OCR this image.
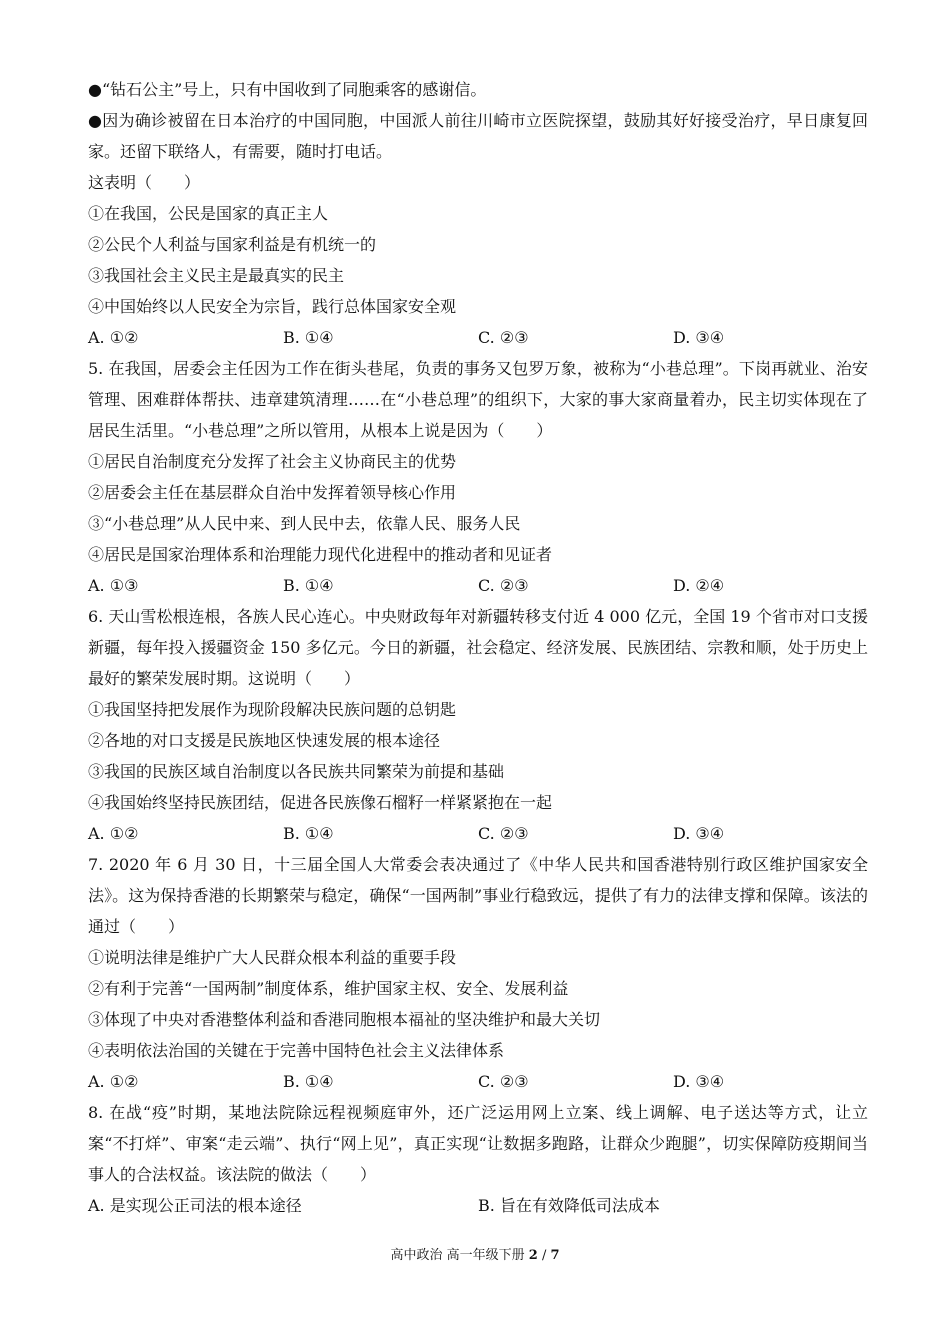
●“钻石公主”号上，只有中国收到了同胞乘客的感谢信。
●因为确诊被留在日本治疗的中国同胞，中国派人前往川崎市立医院探望，鼓励其好好接受治疗，早日康复回家。还留下联络人，有需要，随时打电话。
这表明（　　）
①在我国，公民是国家的真正主人
②公民个人利益与国家利益是有机统一的
③我国社会主义民主是最真实的民主
④中国始终以人民安全为宗旨，践行总体国家安全观
A. ①②	B. ①④	C. ②③	D. ③④
5. 在我国，居委会主任因为工作在街头巷尾，负责的事务又包罗万象，被称为“小巷总理”。下岗再就业、治安管理、困难群体帮扶、违章建筑清理……在“小巷总理”的组织下，大家的事大家商量着办，民主切实体现在了居民生活里。“小巷总理”之所以管用，从根本上说是因为（　　）
①居民自治制度充分发挥了社会主义协商民主的优势
②居委会主任在基层群众自治中发挥着领导核心作用
③“小巷总理”从人民中来、到人民中去，依靠人民、服务人民
④居民是国家治理体系和治理能力现代化进程中的推动者和见证者
A. ①③	B. ①④	C. ②③	D. ②④
6. 天山雪松根连根，各族人民心连心。中央财政每年对新疆转移支付近 4 000 亿元，全国 19 个省市对口支援新疆，每年投入援疆资金 150 多亿元。今日的新疆，社会稳定、经济发展、民族团结、宗教和顺，处于历史上最好的繁荣发展时期。这说明（　　）
①我国坚持把发展作为现阶段解决民族问题的总钥匙
②各地的对口支援是民族地区快速发展的根本途径
③我国的民族区域自治制度以各民族共同繁荣为前提和基础
④我国始终坚持民族团结，促进各民族像石榴籽一样紧紧抱在一起
A. ①②	B. ①④	C. ②③	D. ③④
7. 2020 年 6 月 30 日，十三届全国人大常委会表决通过了《中华人民共和国香港特别行政区维护国家安全法》。这为保持香港的长期繁荣与稳定，确保“一国两制”事业行稳致远，提供了有力的法律支撑和保障。该法的通过（　　）
①说明法律是维护广大人民群众根本利益的重要手段
②有利于完善“一国两制”制度体系，维护国家主权、安全、发展利益
③体现了中央对香港整体利益和香港同胞根本福祉的坚决维护和最大关切
④表明依法治国的关键在于完善中国特色社会主义法律体系
A. ①②	B. ①④	C. ②③	D. ③④
8. 在战“疫”时期，某地法院除远程视频庭审外，还广泛运用网上立案、线上调解、电子送达等方式，让立案“不打烊”、审案“走云端”、执行“网上见”，真正实现“让数据多跑路，让群众少跑腿”，切实保障防疫期间当事人的合法权益。该法院的做法（　　）
A. 是实现公正司法的根本途径	B. 旨在有效降低司法成本
高中政治 高一年级下册 2 / 7
